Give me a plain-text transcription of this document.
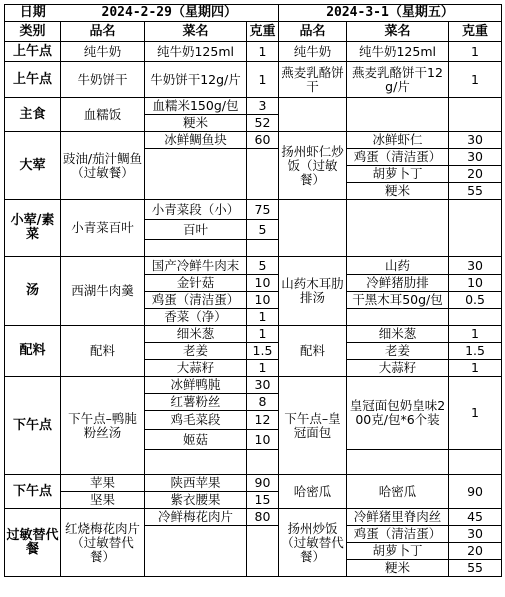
日期	2024-2-29（星期四）			2024-3-1（星期五）		
类别	品名	菜名	克重	品名	菜名	克重
上午点	纯牛奶	纯牛奶125ml	1	纯牛奶	纯牛奶125ml	1
上午点	牛奶饼干	牛奶饼干12g/片	1	燕麦乳酪饼干	燕麦乳酪饼干12g/片	1
主食	血糯饭	血糯米150g/包	3			
		粳米	52			
大荤	豉油/茄汁鲷鱼（过敏餐）	冰鲜鲷鱼块	60	扬州虾仁炒饭（过敏餐）	冰鲜虾仁	30
					鸡蛋（清洁蛋）	30
					胡萝卜丁	20
					粳米	55
小荤/素菜	小青菜百叶	小青菜段（小）	75			
		百叶	5			

汤	西湖牛肉羹	国产冷鲜牛肉末	5	山药木耳肋排汤	山药	30
		金针菇	10		冷鲜猪肋排	10
		鸡蛋（清洁蛋）	10		干黑木耳50g/包	0.5
		香菜（净）	1			
配料	配料	细米葱	1	配料	细米葱	1
		老姜	1.5		老姜	1.5
		大蒜籽	1		大蒜籽	1
下午点	下午点–鸭肫粉丝汤	冰鲜鸭肫	30	下午点–皇冠面包	皇冠面包奶皇味200克/包*6个装	1
		红薯粉丝	8			
		鸡毛菜段	12			
		姬菇	10			

下午点	苹果	陕西苹果	90	哈密瓜	哈密瓜	90
	坚果	紫衣腰果	15			
过敏替代餐	红烧梅花肉片（过敏替代餐）	冷鲜梅花肉片	80	扬州炒饭（过敏替代餐）	冷鲜猪里脊肉丝	45
					鸡蛋（清洁蛋）	30
					胡萝卜丁	20
					粳米	55
